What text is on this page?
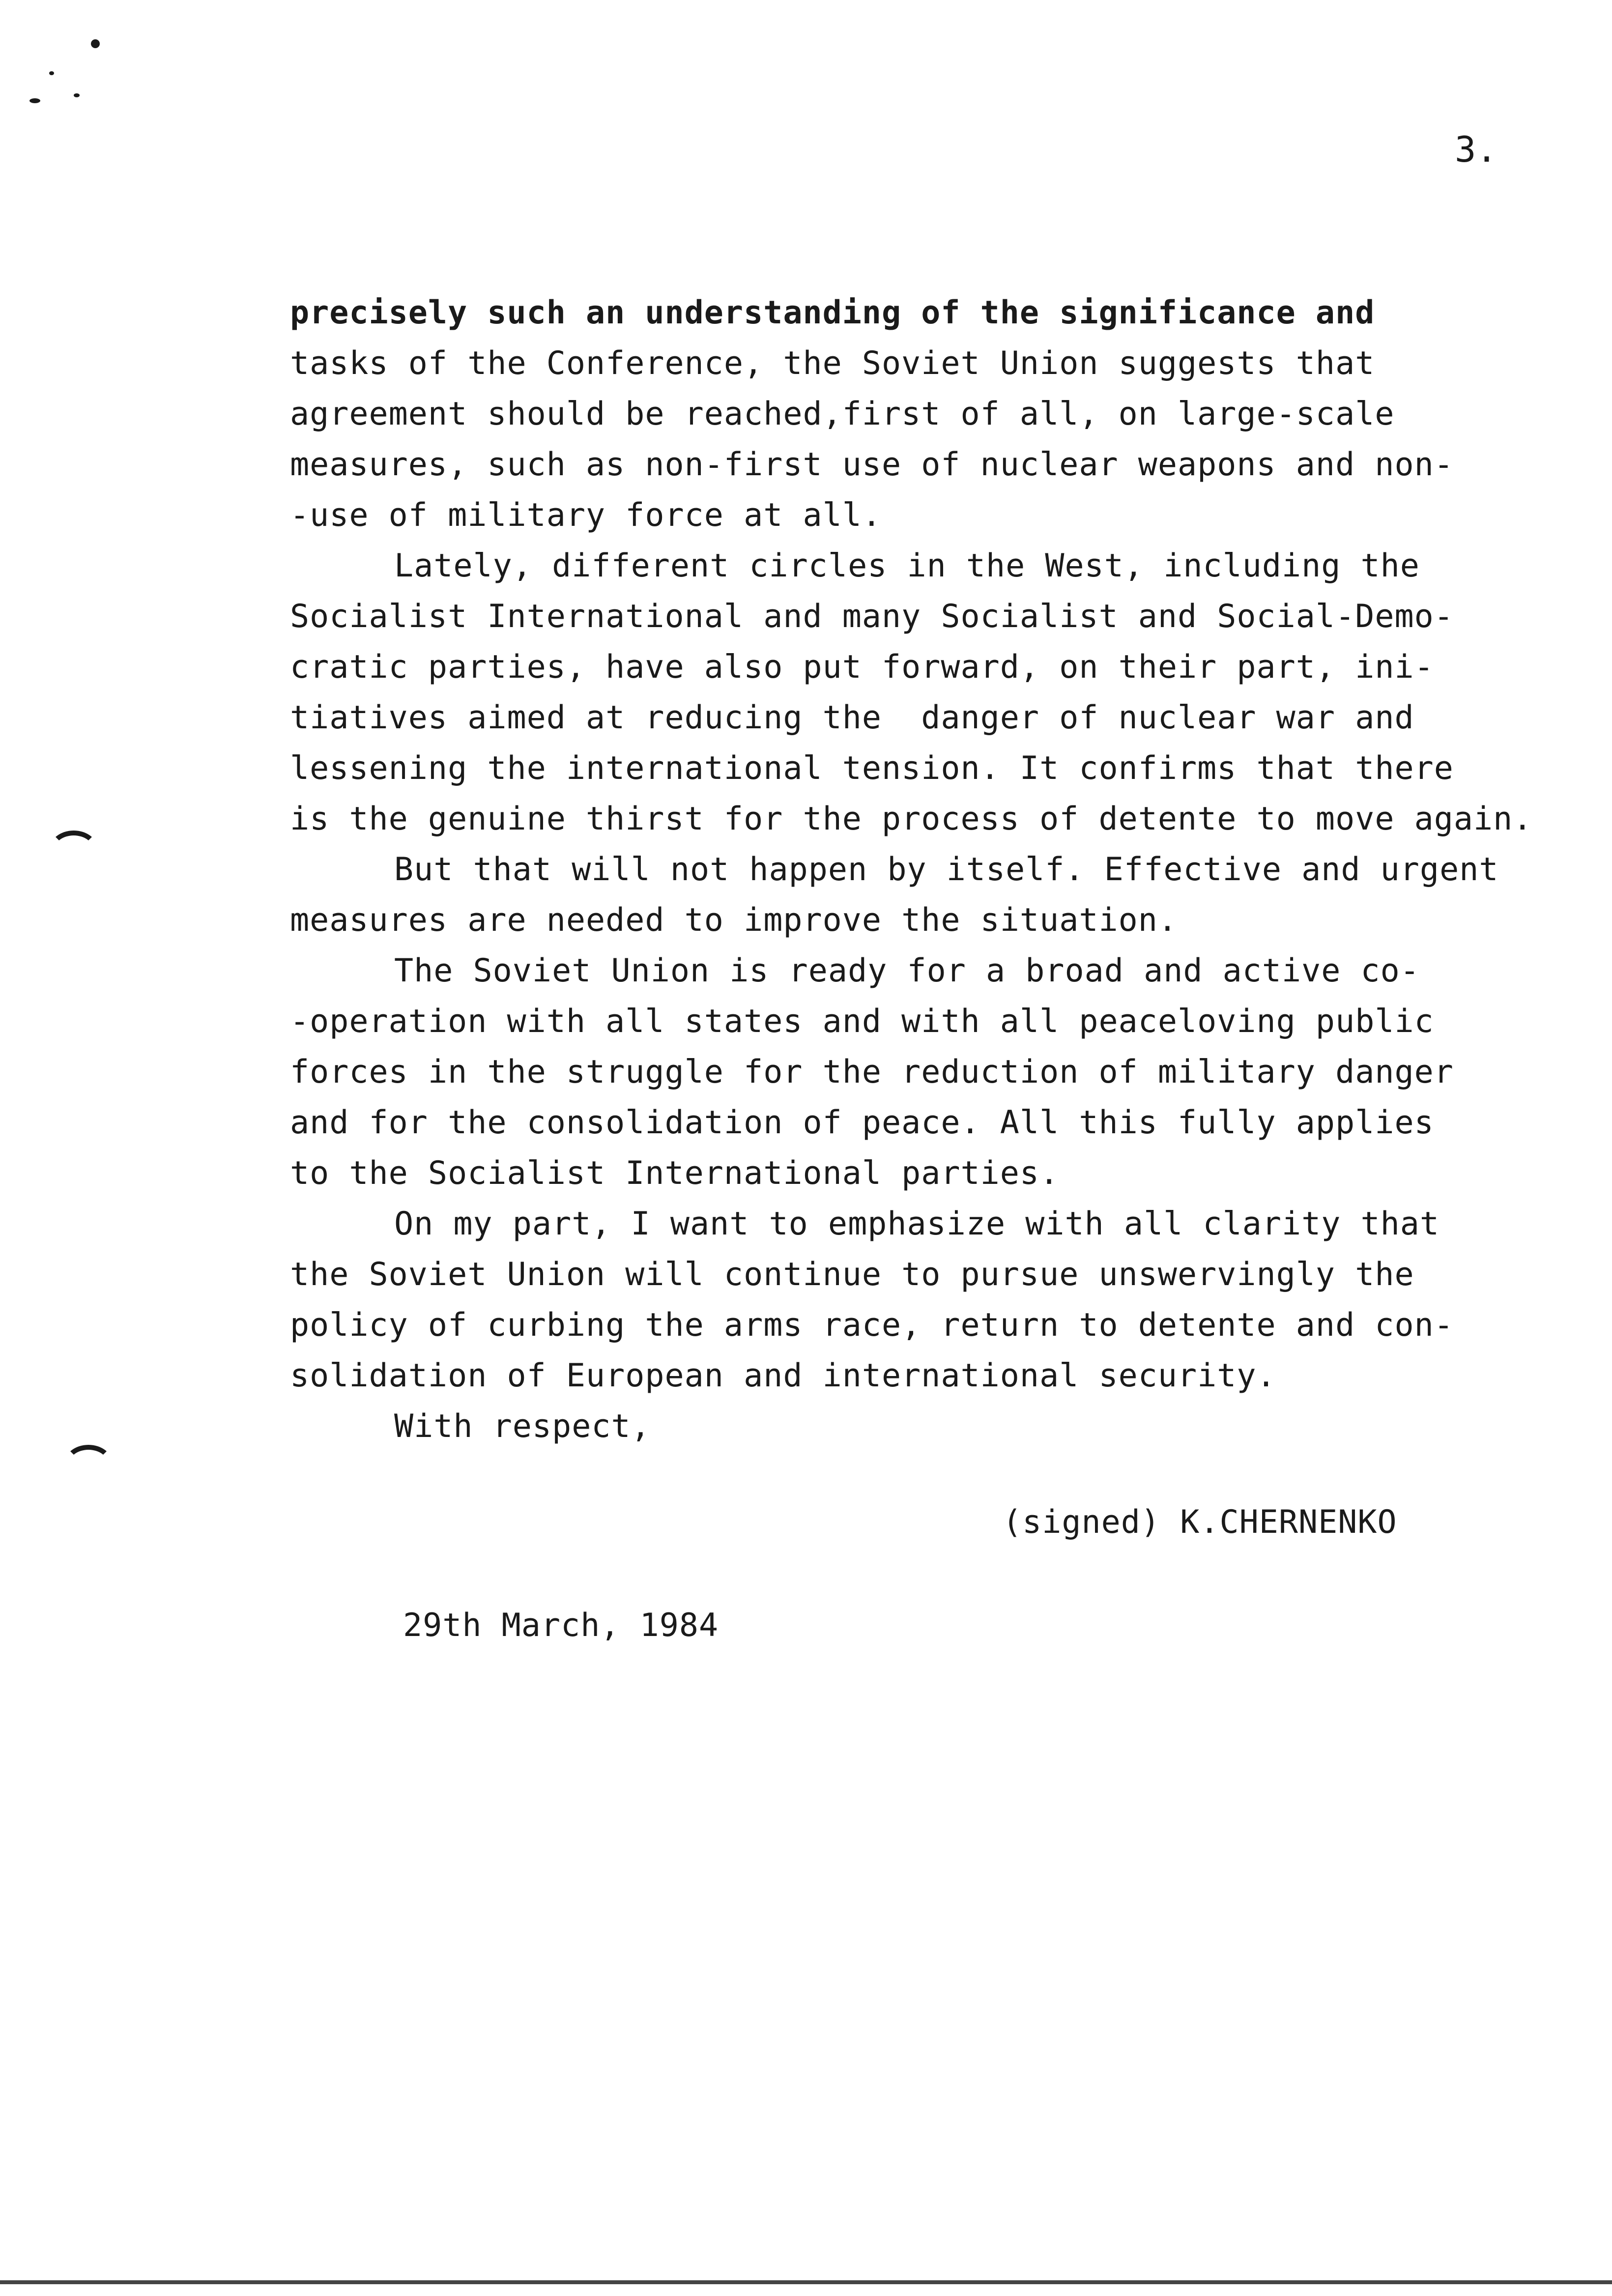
3.
precisely such an understanding of the significance and
tasks of the Conference, the Soviet Union suggests that
agreement should be reached,first of all, on large-scale
measures, such as non-first use of nuclear weapons and non-
-use of military force at all.
Lately, different circles in the West, including the
Socialist International and many Socialist and Social-Demo-
cratic parties, have also put forward, on their part, ini-
tiatives aimed at reducing the  danger of nuclear war and
lessening the international tension. It confirms that there
is the genuine thirst for the process of detente to move again.
But that will not happen by itself. Effective and urgent
measures are needed to improve the situation.
The Soviet Union is ready for a broad and active co-
-operation with all states and with all peaceloving public
forces in the struggle for the reduction of military danger
and for the consolidation of peace. All this fully applies
to the Socialist International parties.
On my part, I want to emphasize with all clarity that
the Soviet Union will continue to pursue unswervingly the
policy of curbing the arms race, return to detente and con-
solidation of European and international security.
With respect,
(signed) K.CHERNENKO
29th March, 1984
